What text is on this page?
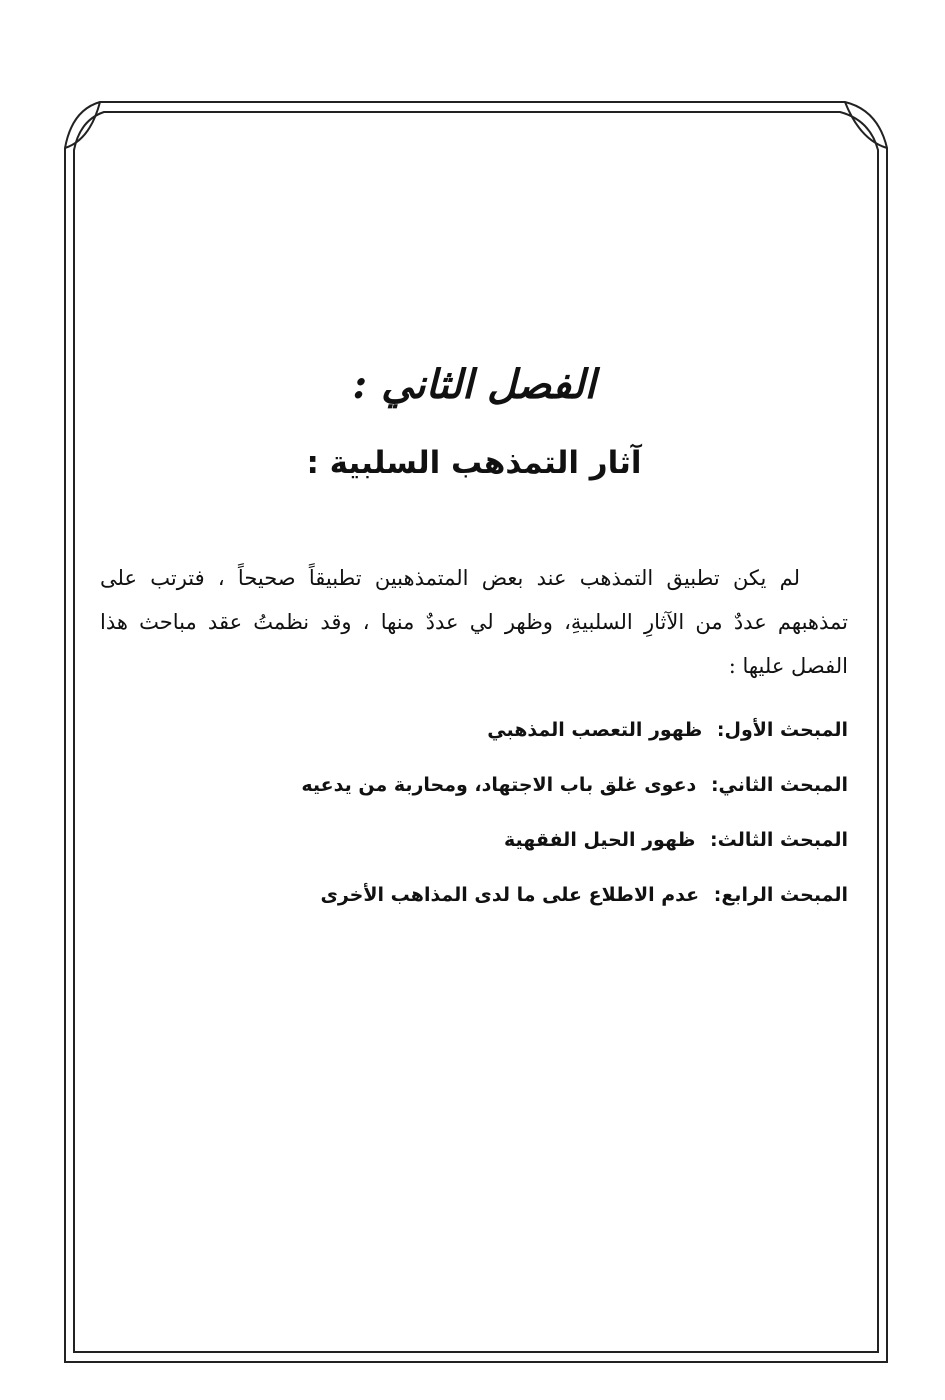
الفصل الثاني :
آثار التمذهب السلبية :

لم يكن تطبيق التمذهب عند بعض المتمذهبين تطبيقاً صحيحاً ، فترتب على تمذهبهم عددٌ من الآثارِ السلبيةِ، وظهر لي عددٌ منها ، وقد نظمتُ عقد مباحث هذا الفصل عليها :

المبحث الأول: ظهور التعصب المذهبي
المبحث الثاني: دعوى غلق باب الاجتهاد، ومحاربة من يدعيه
المبحث الثالث: ظهور الحيل الفقهية
المبحث الرابع: عدم الاطلاع على ما لدى المذاهب الأخرى
